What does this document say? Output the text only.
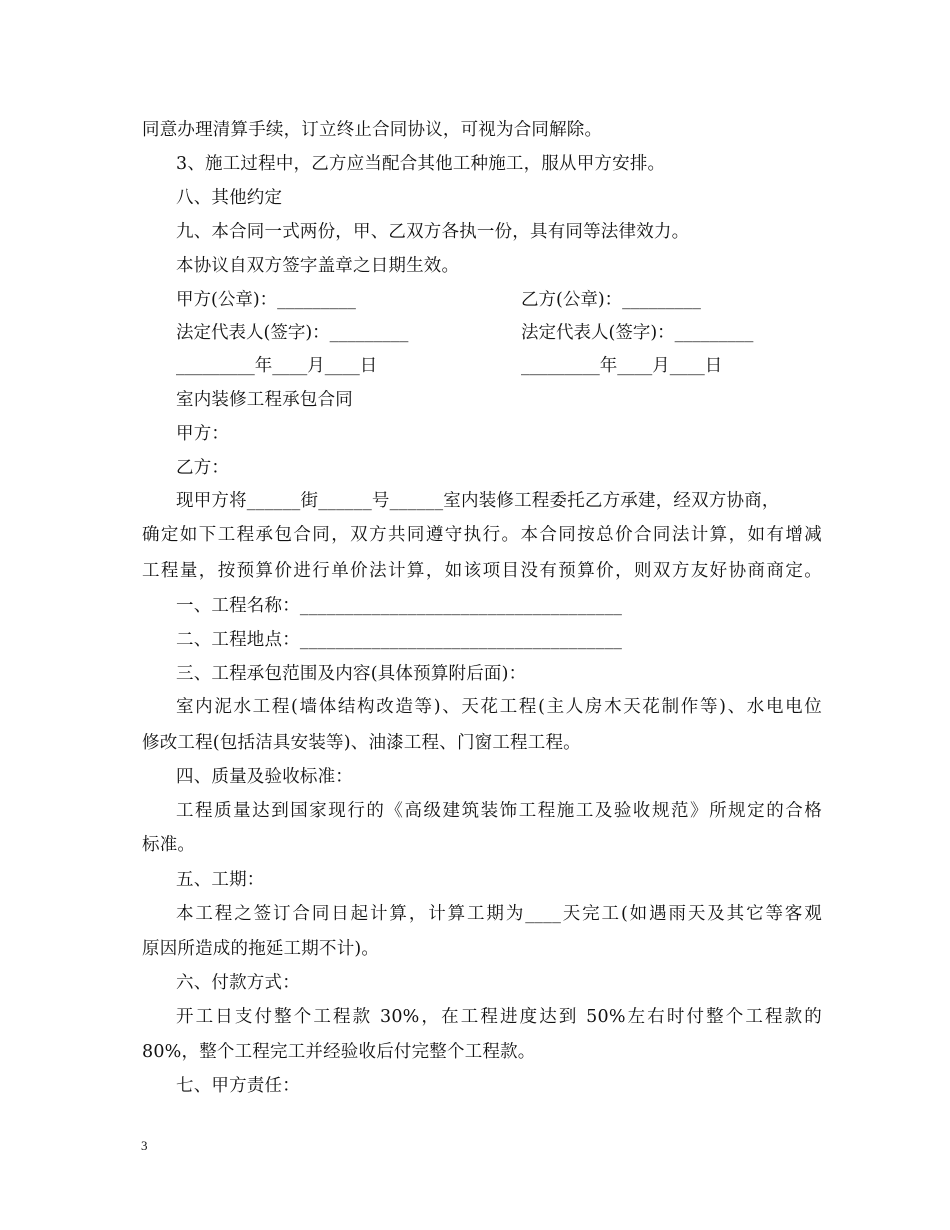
同意办理清算手续，订立终止合同协议，可视为合同解除。
3、施工过程中，乙方应当配合其他工种施工，服从甲方安排。
八、其他约定
九、本合同一式两份，甲、乙双方各执一份，具有同等法律效力。
本协议自双方签字盖章之日期生效。
甲方(公章)：_________	乙方(公章)：_________
法定代表人(签字)：_________	法定代表人(签字)：_________
_________年____月____日	_________年____月____日
室内装修工程承包合同
甲方：
乙方：
现甲方将______街______号______室内装修工程委托乙方承建，经双方协商，
确定如下工程承包合同，双方共同遵守执行。本合同按总价合同法计算，如有增减
工程量，按预算价进行单价法计算，如该项目没有预算价，则双方友好协商商定。
一、工程名称：____________________________________
二、工程地点：____________________________________
三、工程承包范围及内容(具体预算附后面)：
室内泥水工程(墙体结构改造等)、天花工程(主人房木天花制作等)、水电电位
修改工程(包括洁具安装等)、油漆工程、门窗工程工程。
四、质量及验收标准：
工程质量达到国家现行的《高级建筑装饰工程施工及验收规范》所规定的合格
标准。
五、工期：
本工程之签订合同日起计算，计算工期为____天完工(如遇雨天及其它等客观
原因所造成的拖延工期不计)。
六、付款方式：
开工日支付整个工程款 30%，在工程进度达到 50%左右时付整个工程款的
80%，整个工程完工并经验收后付完整个工程款。
七、甲方责任：
3
